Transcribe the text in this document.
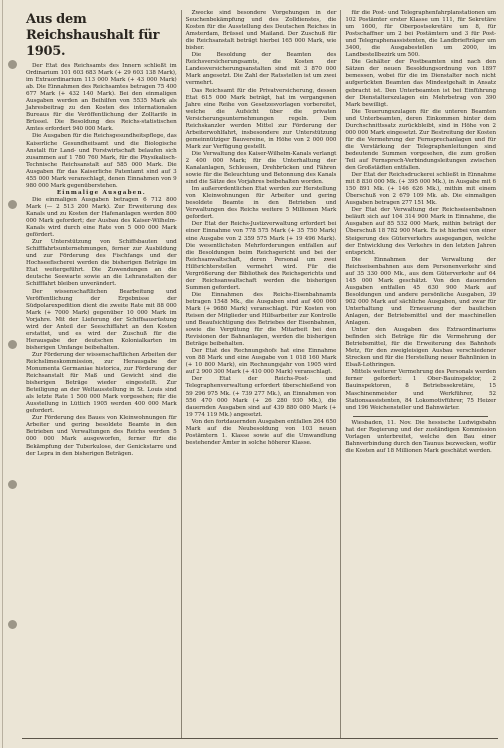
Aus dem Reichshaushalt für 1905.

Der Etat des Reichsamts des Innern schließt im Ordinarium 101 603 683 Mark (+ 29 603 138 Mark), im Extraordinarium 113 000 Mark (+ 43 000 Mark) ab. Die Einnahmen des Reichsamtes betragen 75 400 677 Mark (+ 432 140 Mark). Bei den einmaligen Ausgaben werden an Beihilfen von 5535 Mark als Jahresbeitrag zu den Kosten des internationalen Bureaus für die Veröffentlichung der Zolltarife in Brüssel. Die Besoldung des Reichs-statistischen Amtes erfordert 940 000 Mark.

Die Ausgaben für die Reichsgesundheitspflege, das Kaiserliche Gesundheitsamt und die Biologische Anstalt für Land- und Forstwirtschaft belaufen sich zusammen auf 1 780 760 Mark, für die Physikalisch-Technische Reichsanstalt auf 585 000 Mark. Die Ausgaben für das Kaiserliche Patentamt sind auf 3 455 000 Mark veranschlagt, denen Einnahmen von 9 980 000 Mark gegenüberstehen.

Einmalige Ausgaben.

Die einmaligen Ausgaben betragen 6 712 800 Mark (— 2 513 200 Mark). Zur Erweiterung des Kanals und zu Kosten der Hafenanlagen werden 800 000 Mark gefordert; der Ausbau des Kaiser-Wilhelm-Kanals wird durch eine Rate von 5 000 000 Mark gefördert.

Zur Unterstützung von Schiffsbauten und Schifffahrtsunternehmungen, ferner zur Ausbildung und zur Förderung des Fischfangs und der Hochseefischerei werden die bisherigen Beträge im Etat weitergeführt. Die Zuwendungen an die deutsche Seewarte sowie an die Lehranstalten der Schifffahrt bleiben unverändert.

Der wissenschaftlichen Bearbeitung und Veröffentlichung der Ergebnisse der Südpolarexpedition dient die zweite Rate mit 88 000 Mark (+ 7000 Mark) gegenüber 10 000 Mark im Vorjahre. Mit der Lieferung der Schiffsausrüstung wird der Anteil der Seeschiffahrt an den Kosten erstattet, und es wird der Zuschuß für die Herausgabe der deutschen Kolonialkarten im bisherigen Umfange beibehalten.

Zur Förderung der wissenschaftlichen Arbeiten der Reichslimeskommission, zur Herausgabe der Monumenta Germaniae historica, zur Förderung der Reichsanstalt für Maß und Gewicht sind die bisherigen Beträge wieder eingestellt. Zur Beteiligung an der Weltausstellung in St. Louis sind als letzte Rate 1 500 000 Mark vorgesehen; für die Ausstellung in Lüttich 1905 werden 400 000 Mark gefordert.

Zur Förderung des Baues von Kleinwohnungen für Arbeiter und gering besoldete Beamte in den Betrieben und Verwaltungen des Reichs werden 5 000 000 Mark ausgeworfen, ferner für die Bekämpfung der Tuberkulose, der Genickstarre und der Lepra in den bisherigen Beträgen.

Zwecke sind besondere Vorgehungen in der Seuchenbekämpfung und des Zolldienstes, die Kosten für die Ausstellung des Deutschen Reiches in Amsterdam, Brüssel und Mailand. Der Zuschuß für die Reichsanstalt beträgt hierbei 165 000 Mark, wie bisher.

Die Besoldung der Beamten des Reichsversicherungsamts, die Kosten der Landesversicherungsanstalten sind mit 3 870 000 Mark angesetzt. Die Zahl der Ratsstellen ist um zwei vermehrt.

Das Reichsamt für die Privatversicherung, dessen Etat 615 000 Mark beträgt, hat im vergangenen Jahre eine Reihe von Gesetzesvorlagen vorbereitet, welche die Aufsicht über die privaten Versicherungsunternehmungen regeln. Dem Reichskanzler werden Mittel zur Förderung der Arbeiterwohlfahrt, insbesondere zur Unterstützung gemeinnütziger Bauvereine, in Höhe von 2 000 000 Mark zur Verfügung gestellt.

Die Verwaltung des Kaiser-Wilhelm-Kanals verlangt 2 400 000 Mark; für die Unterhaltung der Kanalanlagen, Schleusen, Drehbrücken und Fähren sowie für die Beleuchtung und Betonnung des Kanals sind die Sätze des Vorjahres beibehalten worden.

Im außerordentlichen Etat werden zur Herstellung von Kleinwohnungen für Arbeiter und gering besoldete Beamte in den Betrieben und Verwaltungen des Reichs weitere 5 Millionen Mark gefordert.

Der Etat der Reichs-Justizverwaltung erfordert bei einer Einnahme von 778 575 Mark (+ 35 750 Mark) eine Ausgabe von 2 359 575 Mark (+ 19 496 Mark). Die wesentlichsten Mehrforderungen entfallen auf die Besoldungen beim Reichsgericht und bei der Reichsanwaltschaft, deren Personal um zwei Hilfsrichterstellen vermehrt wird. Für die Vergrößerung der Bibliothek des Reichsgerichts und der Reichsanwaltschaft werden die bisherigen Summen gefordert.

Die Einnahmen des Reichs-Eisenbahnamts betragen 1548 Mk., die Ausgaben sind auf 400 060 Mark (+ 9680 Mark) veranschlagt. Für Kosten von Reisen der Mitglieder und Hilfsarbeiter zur Kontrolle und Beaufsichtigung des Betriebes der Eisenbahnen, sowie die Vergütung für die Mitarbeit bei den Revisionen der Bahnanlagen, werden die bisherigen Beträge beibehalten.

Der Etat des Rechnungshofs hat eine Einnahme von 88 Mark und eine Ausgabe von 1 018 160 Mark (+ 10 800 Mark), ein Rechnungsjahr von 1905 wird auf 2 900 300 Mark (+ 410 000 Mark) veranschlagt.

Der Etat der Reichs-Post- und Telegraphenverwaltung erfordert überschießend von 59 296 975 Mk. (+ 739 277 Mk.), an Einnahmen von 556 470 000 Mark (+ 26 280 930 Mk.), die dauernden Ausgaben sind auf 439 880 080 Mark (+ 19 774 119 Mk.) angesetzt.

Von den fortdauernden Ausgaben entfallen 264 650 Mark auf die Neubesoldung von 103 neuen Postämtern 1. Klasse sowie auf die Umwandlung bestehender Ämter in solche höherer Klasse.

für die Post- und Telegraphenfahrplanstationen um 102 Postämter erster Klasse um 111, für Sekretäre um 1600, für Oberpostsekretäre um 8, für Postschaffner um 2 bei Postämtern und 3 für Post- und Telegraphenassistenten, die Landbriefträger um 3400, die Ausgabestellen um 2000, im Landbestellbezirk um 500.

Die Gehälter der Postbeamten sind nach den Sätzen der neuen Besoldungsordnung von 1897 bemessen, wobei für die im Dienstalter noch nicht aufgerückten Beamten das Mindestgehalt in Ansatz gebracht ist. Den Unterbeamten ist bei Einführung der Dienstalterszulagen ein Mehrbetrag von 390 Mark bewilligt.

Die Teuerungszulagen für die unteren Beamten und Unterbeamten, deren Einkommen hinter dem Durchschnittssatz zurückbleibt, sind in Höhe von 2 000 000 Mark eingesetzt. Zur Bestreitung der Kosten für die Vermehrung der Fernsprechanlagen und für die Verstärkung der Telegraphenleitungen sind bedeutende Summen vorgesehen, die zum großen Teil auf Fernsprech-Verbindungsleitungen zwischen den Großstädten entfallen.

Der Etat der Reichsdruckerei schließt in Einnahme mit 8 830 000 Mk. (+ 395 000 Mk.), in Ausgabe mit 6 150 891 Mk. (+ 146 626 Mk.), mithin mit einem Überschuß von 2 679 109 Mk. ab. Die einmaligen Ausgaben betragen 277 151 Mk.

Der Etat der Verwaltung der Reichseisenbahnen beläuft sich auf 104 314 900 Mark in Einnahme, die Ausgaben auf 85 532 000 Mark, mithin beträgt der Überschuß 18 782 900 Mark. Es ist hierbei von einer Steigerung des Güterverkehrs ausgegangen, welche der Entwicklung des Verkehrs in den letzten Jahren entspricht.

Die Einnahmen der Verwaltung der Reichseisenbahnen aus dem Personenverkehr sind auf 35 330 000 Mk., aus dem Güterverkehr auf 64 145 000 Mark geschätzt. Von den dauernden Ausgaben entfallen 45 630 900 Mark auf Besoldungen und andere persönliche Ausgaben, 39 902 000 Mark auf sächliche Ausgaben, und zwar für Unterhaltung und Erneuerung der baulichen Anlagen, der Betriebsmittel und der maschinellen Anlagen.

Unter den Ausgaben des Extraordinariums befinden sich Beträge für die Vermehrung der Betriebsmittel, für die Erweiterung des Bahnhofs Metz, für den zweigleisigen Ausbau verschiedener Strecken und für die Herstellung neuer Bahnlinien in Elsaß-Lothringen.

Mittels weiterer Vermehrung des Personals werden ferner gefordert: 1 Ober-Bauinspektor, 2 Bauinspektoren, 8 Betriebssekretäre, 15 Maschinenmeister und Werkführer, 52 Stationsassistenten, 84 Lokomotivführer, 75 Heizer und 196 Weichensteller und Bahnwärter.

Wiesbaden, 11. Nov. Die hessische Ludwigsbahn hat der Regierung und der zuständigen Kommission Vorlagen unterbreitet, welche den Bau einer Bahnverbindung durch den Taunus bezwecken, wofür die Kosten auf 18 Millionen Mark geschätzt werden.
